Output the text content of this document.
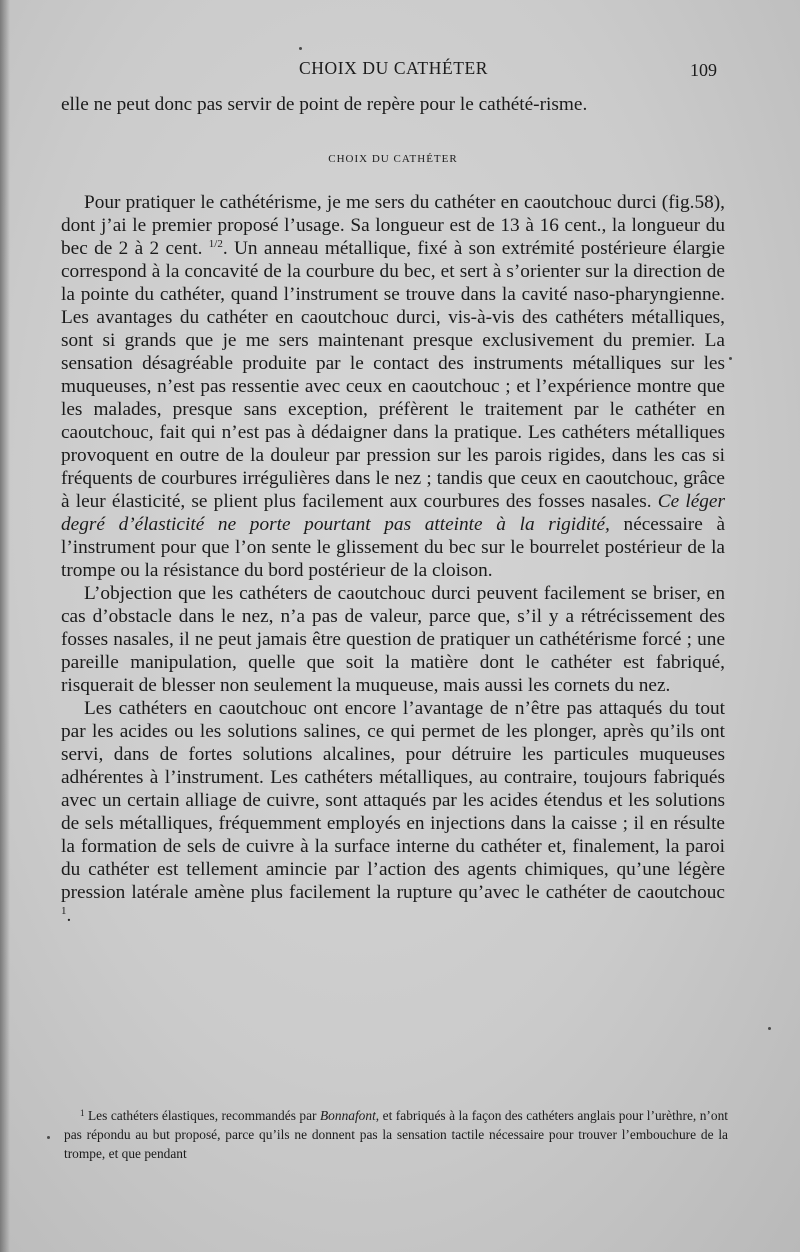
CHOIX DU CATHÉTER	109

elle ne peut donc pas servir de point de repère pour le cathété-risme.

CHOIX DU CATHÉTER

Pour pratiquer le cathétérisme, je me sers du cathéter en caoutchouc durci (fig.58), dont j’ai le premier proposé l’usage. Sa longueur est de 13 à 16 cent., la longueur du bec de 2 à 2 cent. $^{1/2}$. Un anneau métallique, fixé à son extrémité postérieure élargie correspond à la concavité de la courbure du bec, et sert à s’orienter sur la direction de la pointe du cathéter, quand l’instrument se trouve dans la cavité naso-pharyngienne. Les avantages du cathéter en caoutchouc durci, vis-à-vis des cathéters métalliques, sont si grands que je me sers maintenant presque exclusivement du premier. La sensation désagréable produite par le contact des instruments métalliques sur les muqueuses, n’est pas ressentie avec ceux en caoutchouc ; et l’expérience montre que les malades, presque sans exception, préfèrent le traitement par le cathéter en caoutchouc, fait qui n’est pas à dédaigner dans la pratique. Les cathéters métalliques provoquent en outre de la douleur par pression sur les parois rigides, dans les cas si fréquents de courbures irrégulières dans le nez ; tandis que ceux en caoutchouc, grâce à leur élasticité, se plient plus facilement aux courbures des fosses nasales. Ce léger degré d’élasticité ne porte pourtant pas atteinte à la rigidité, nécessaire à l’instrument pour que l’on sente le glissement du bec sur le bourrelet postérieur de la trompe ou la résistance du bord postérieur de la cloison.

L’objection que les cathéters de caoutchouc durci peuvent facilement se briser, en cas d’obstacle dans le nez, n’a pas de valeur, parce que, s’il y a rétrécissement des fosses nasales, il ne peut jamais être question de pratiquer un cathétérisme forcé ; une pareille manipulation, quelle que soit la matière dont le cathéter est fabriqué, risquerait de blesser non seulement la muqueuse, mais aussi les cornets du nez.

Les cathéters en caoutchouc ont encore l’avantage de n’être pas attaqués du tout par les acides ou les solutions salines, ce qui permet de les plonger, après qu’ils ont servi, dans de fortes solutions alcalines, pour détruire les particules muqueuses adhérentes à l’instrument. Les cathéters métalliques, au contraire, toujours fabriqués avec un certain alliage de cuivre, sont attaqués par les acides étendus et les solutions de sels métalliques, fréquemment employés en injections dans la caisse ; il en résulte la formation de sels de cuivre à la surface interne du cathéter et, finalement, la paroi du cathéter est tellement amincie par l’action des agents chimiques, qu’une légère pression latérale amène plus facilement la rupture qu’avec le cathéter de caoutchouc $^1$.

$^1$ Les cathéters élastiques, recommandés par Bonnafont, et fabriqués à la façon des cathéters anglais pour l’urèthre, n’ont pas répondu au but proposé, parce qu’ils ne donnent pas la sensation tactile nécessaire pour trouver l’embouchure de la trompe, et que pendant
